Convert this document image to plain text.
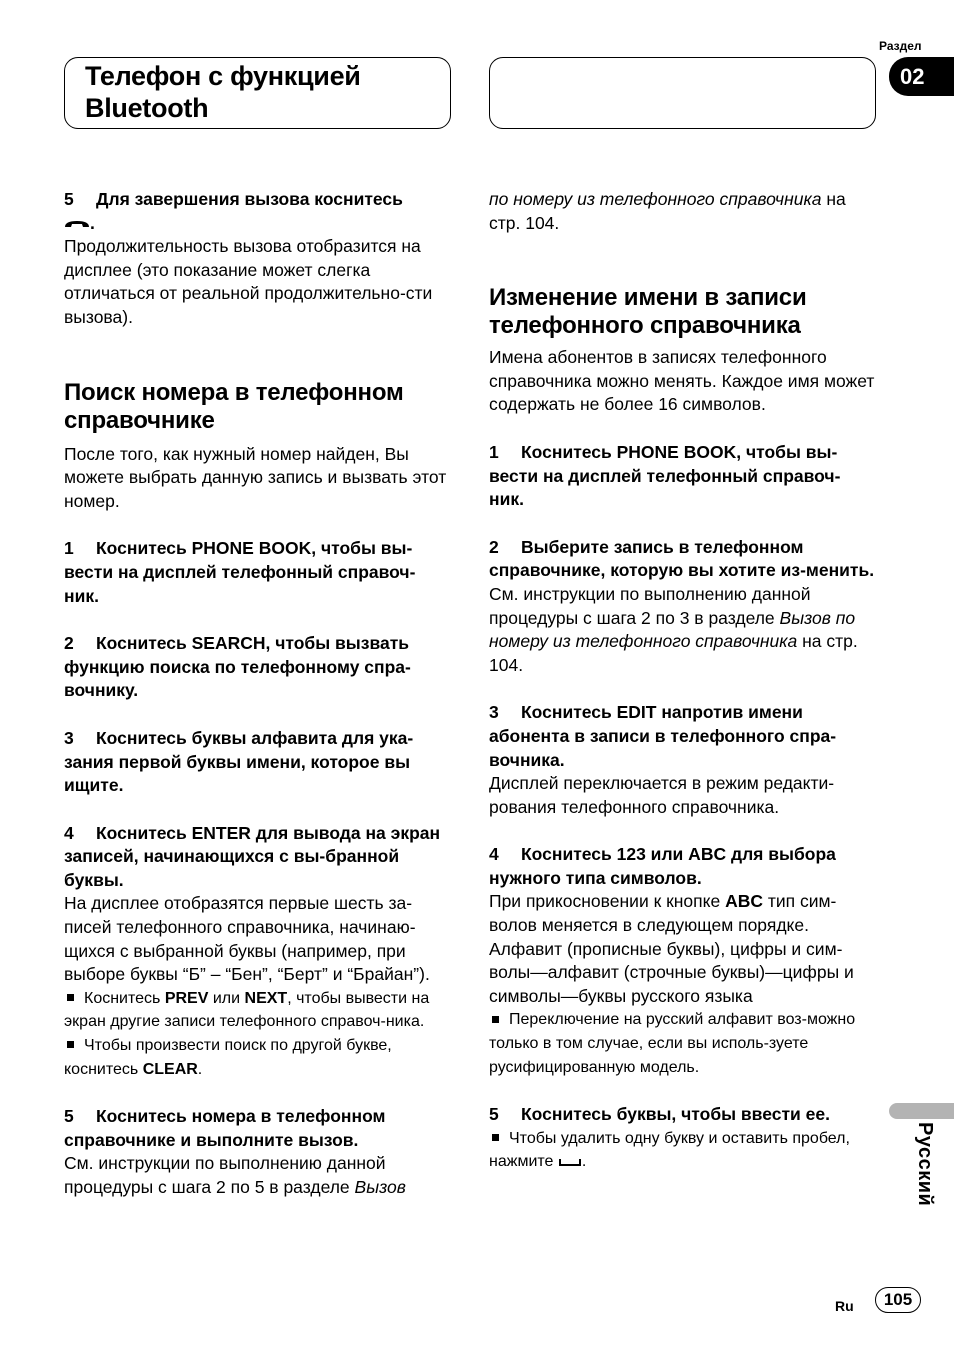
Телефон с функцией
Bluetooth
Раздел
02

5 Для завершения вызова коснитесь
.

Продолжительность вызова отобразится на дисплее (это показание может слегка отличаться от реальной продолжительно-сти вызова).

Поиск номера в телефонном справочнике

После того, как нужный номер найден, Вы можете выбрать данную запись и вызвать этот номер.

1 Коснитесь PHONE BOOK, чтобы вы-вести на дисплей телефонный справоч-ник.

2 Коснитесь SEARCH, чтобы вызвать функцию поиска по телефонному спра-вочнику.

3 Коснитесь буквы алфавита для ука-зания первой буквы имени, которое вы ищите.

4 Коснитесь ENTER для вывода на экран записей, начинающихся с вы-бранной буквы.

На дисплее отобразятся первые шесть за-писей телефонного справочника, начинаю-щихся с выбранной буквы (например, при выборе буквы “Б” – “Бен”, “Берт” и “Брайан”).

Коснитесь PREV или NEXT, чтобы вывести на экран другие записи телефонного справоч-ника.

Чтобы произвести поиск по другой букве, коснитесь CLEAR.

5 Коснитесь номера в телефонном справочнике и выполните вызов.

См. инструкции по выполнению данной процедуры с шага 2 по 5 в разделе Вызов

по номеру из телефонного справочника на стр. 104.

Изменение имени в записи телефонного справочника

Имена абонентов в записях телефонного справочника можно менять. Каждое имя может содержать не более 16 символов.

1 Коснитесь PHONE BOOK, чтобы вы-вести на дисплей телефонный справоч-ник.

2 Выберите запись в телефонном справочнике, которую вы хотите из-менить.

См. инструкции по выполнению данной процедуры с шага 2 по 3 в разделе Вызов по номеру из телефонного справочника на стр. 104.

3 Коснитесь EDIT напротив имени абонента в записи в телефонного спра-вочника.

Дисплей переключается в режим редакти-рования телефонного справочника.

4 Коснитесь 123 или ABC для выбора нужного типа символов.

При прикосновении к кнопке ABC тип сим-волов меняется в следующем порядке. Алфавит (прописные буквы), цифры и сим-волы—алфавит (строчные буквы)—цифры и символы—буквы русского языка

Переключение на русский алфавит воз-можно только в том случае, если вы исполь-зуете русифицированную модель.

5 Коснитесь буквы, чтобы ввести ее.

Чтобы удалить одну букву и оставить пробел, нажмите .	Русский
Ru	105
